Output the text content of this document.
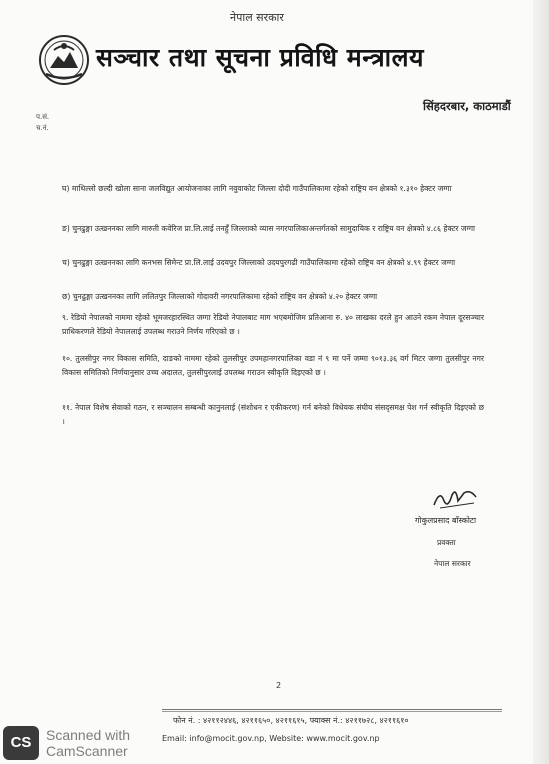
नेपाल सरकार
सञ्चार तथा सूचना प्रविधि मन्त्रालय
सिंहदरबार, काठमाडौं
प.सं.
च.नं.
घ) माथिल्लो छल्दी खोला साना जलविद्युत आयोजनाका लागि नवुवाकोट जिल्ला दोदी गाउँपालिकामा रहेको राष्ट्रिय वन क्षेत्रको १.३१० हेक्टर जग्गा
ङ) चुनढुङ्गा उत्खननका लागि मारुती कवेरिज प्रा.लि.लाई तनहुँ जिल्लाको व्यास नगरपालिकाअन्तर्गतको सामुदायिक र राष्ट्रिय वन क्षेत्रको ४.८६ हेक्टर जग्गा
च) चुनढुङ्गा उत्खननका लागि कनभस सिमेन्ट प्रा.लि.लाई उदयपुर जिल्लाको उदयपुरगढी गाउँपालिकामा रहेको राष्ट्रिय वन क्षेत्रको ४.९९ हेक्टर जग्गा
छ) चुनढुङ्गा उत्खननका लागि ललितपुर जिल्लाको गोदावरी नगरपालिकामा रहेको राष्ट्रिय वन क्षेत्रको ४.२० हेक्टर जग्गा
९. रेडियो नेपालको नाममा रहेको भूमजरहारस्थित जग्गा रेडियो नेपालबाट माग भएबमोजिम प्रतिआना रु. ४० लाखका दरले हुन आउने रकम नेपाल दूरसञ्चार प्राधिकरणले रेडियो नेपाललाई उपलब्ध गराउने निर्णय गरिएको छ ।
१०. तुलसीपुर नगर विकास समिति, दाङको नाममा रहेको तुलसीपुर उपमहानगरपालिका वडा नं ९ मा पर्ने जम्मा ९०१३.३६ वर्ग मिटर जग्गा तुलसीपुर नगर विकास समितिको निर्णयानुसार उच्च अदालत, तुलसीपुरलाई उपलब्ध गराउन स्वीकृति दिइएको छ ।
११. नेपाल विशेष सेवाको गठन, र सञ्चालन सम्बन्धी कानुनलाई (संशोधन र एकीकरण) गर्न बनेको विधेयक संघीय संसद्समक्ष पेश गर्न स्वीकृति दिइएको छ ।
गोकुलप्रसाद बाँस्कोटा
प्रवक्ता
नेपाल सरकार
2
फोन नं. : ४२११२४४६, ४२११६५०, ४२११६१५, फ्याक्स नं.: ४२११७२८, ४२११६१०
Email: info@mocit.gov.np, Website: www.mocit.gov.np
CS	Scanned with
CamScanner
